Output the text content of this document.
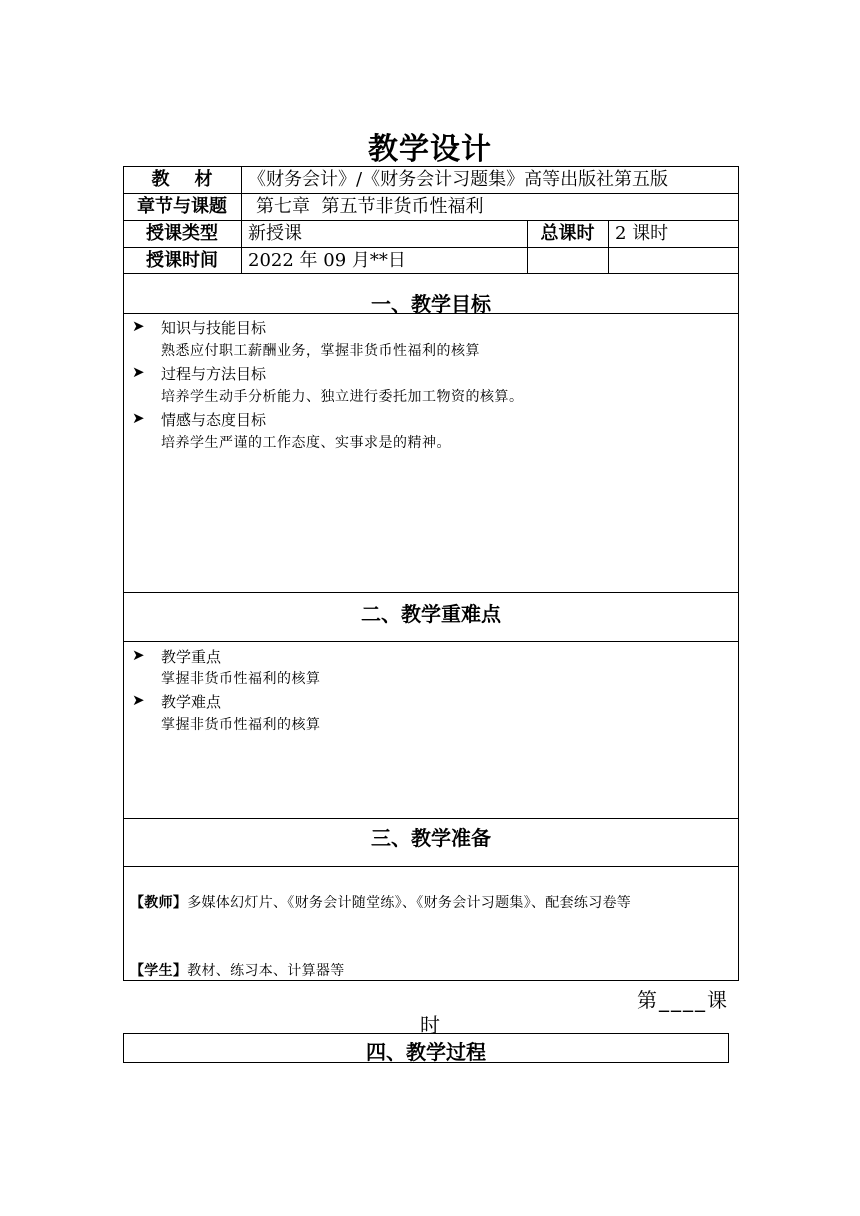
教学设计
教    材	《财务会计》/《财务会计习题集》高等出版社第五版
章节与课题	第七章  第五节非货币性福利
授课类型	新授课	总课时	2 课时
授课时间	2022 年 09 月**日
一、教学目标
➤ 知识与技能目标
熟悉应付职工薪酬业务，掌握非货币性福利的核算
➤ 过程与方法目标
培养学生动手分析能力、独立进行委托加工物资的核算。
➤ 情感与态度目标
培养学生严谨的工作态度、实事求是的精神。
二、教学重难点
➤ 教学重点
掌握非货币性福利的核算
➤ 教学难点
掌握非货币性福利的核算
三、教学准备
【教师】多媒体幻灯片、《财务会计随堂练》、《财务会计习题集》、配套练习卷等
【学生】教材、练习本、计算器等
第____课
时
四、教学过程
